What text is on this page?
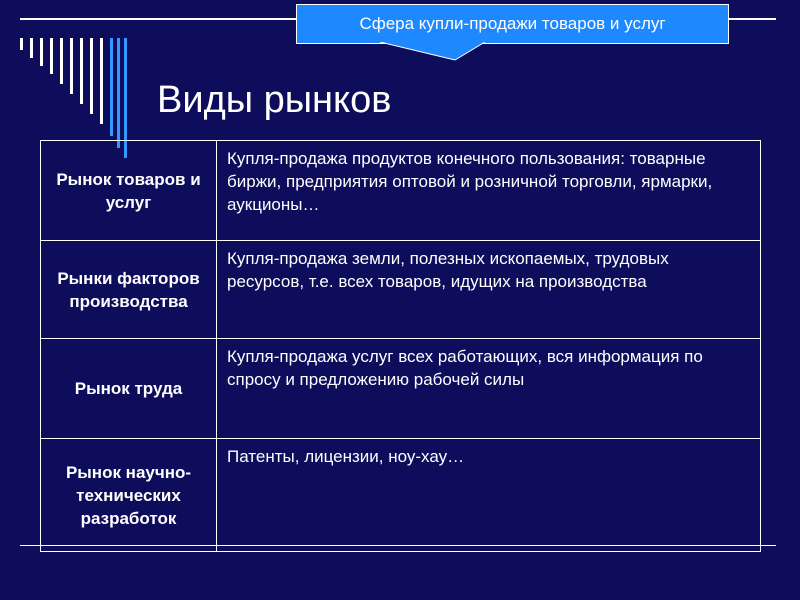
Сфера купли-продажи товаров и услуг
Виды рынков
Рынок товаров и услуг	Купля-продажа продуктов конечного пользования: товарные биржи, предприятия оптовой и розничной торговли, ярмарки, аукционы…

Рынки факторов производства	Купля-продажа земли, полезных ископаемых, трудовых ресурсов, т.е. всех товаров, идущих на производства

Рынок труда	Купля-продажа услуг всех работающих, вся информация по спросу и предложению рабочей силы

Рынок научно-технических разработок	Патенты, лицензии, ноу-хау…
